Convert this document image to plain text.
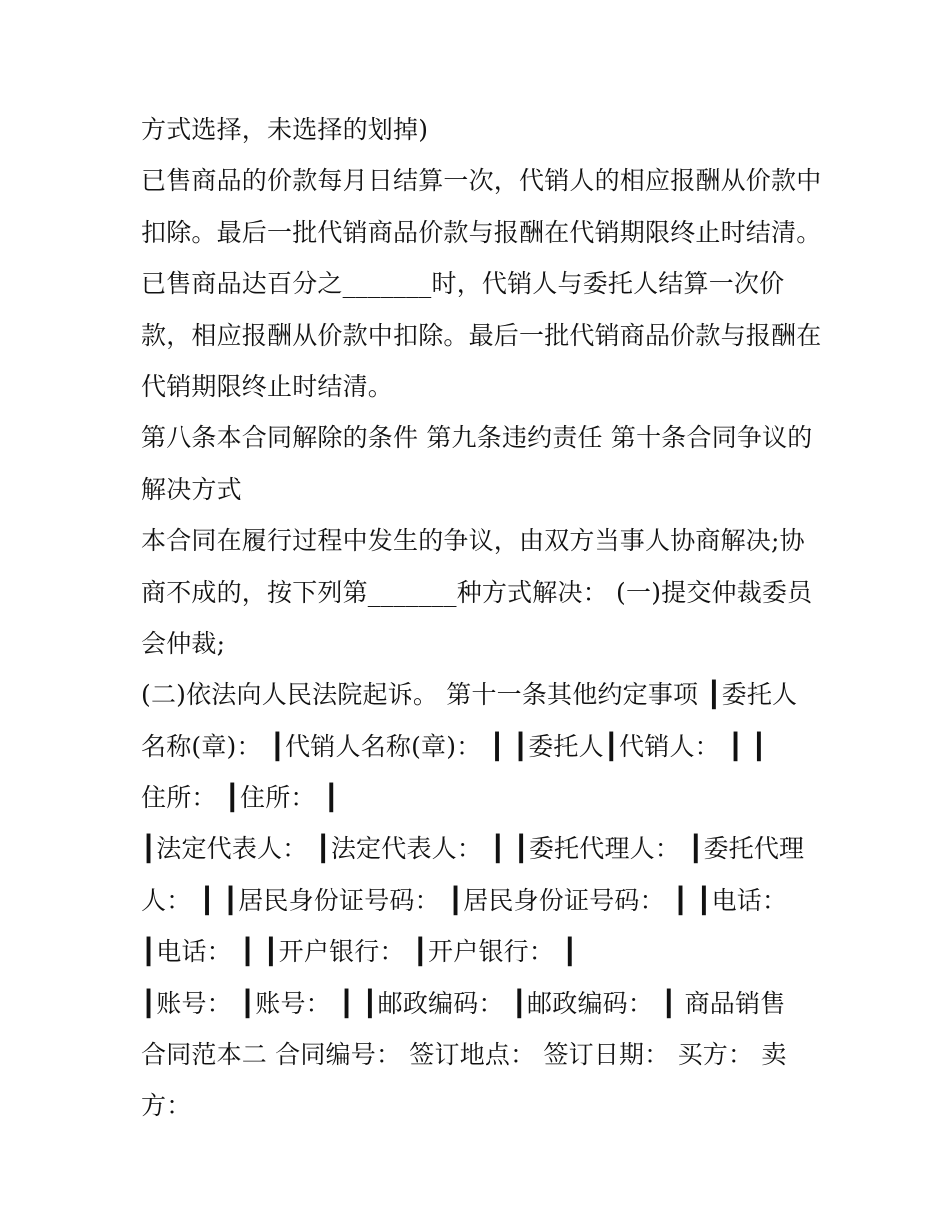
方式选择，未选择的划掉)
已售商品的价款每月日结算一次，代销人的相应报酬从价款中
扣除。最后一批代销商品价款与报酬在代销期限终止时结清。
已售商品达百分之_______时，代销人与委托人结算一次价
款，相应报酬从价款中扣除。最后一批代销商品价款与报酬在
代销期限终止时结清。
第八条本合同解除的条件 第九条违约责任 第十条合同争议的
解决方式
本合同在履行过程中发生的争议，由双方当事人协商解决;协
商不成的，按下列第_______种方式解决： (一)提交仲裁委员
会仲裁;
(二)依法向人民法院起诉。 第十一条其他约定事项 ┃委托人
名称(章)： ┃代销人名称(章)： ┃ ┃委托人┃代销人： ┃ ┃
住所： ┃住所： ┃
┃法定代表人： ┃法定代表人： ┃ ┃委托代理人： ┃委托代理
人： ┃ ┃居民身份证号码： ┃居民身份证号码： ┃ ┃电话：
┃电话： ┃ ┃开户银行： ┃开户银行： ┃
┃账号： ┃账号： ┃ ┃邮政编码： ┃邮政编码： ┃ 商品销售
合同范本二 合同编号： 签订地点： 签订日期： 买方： 卖
方：
